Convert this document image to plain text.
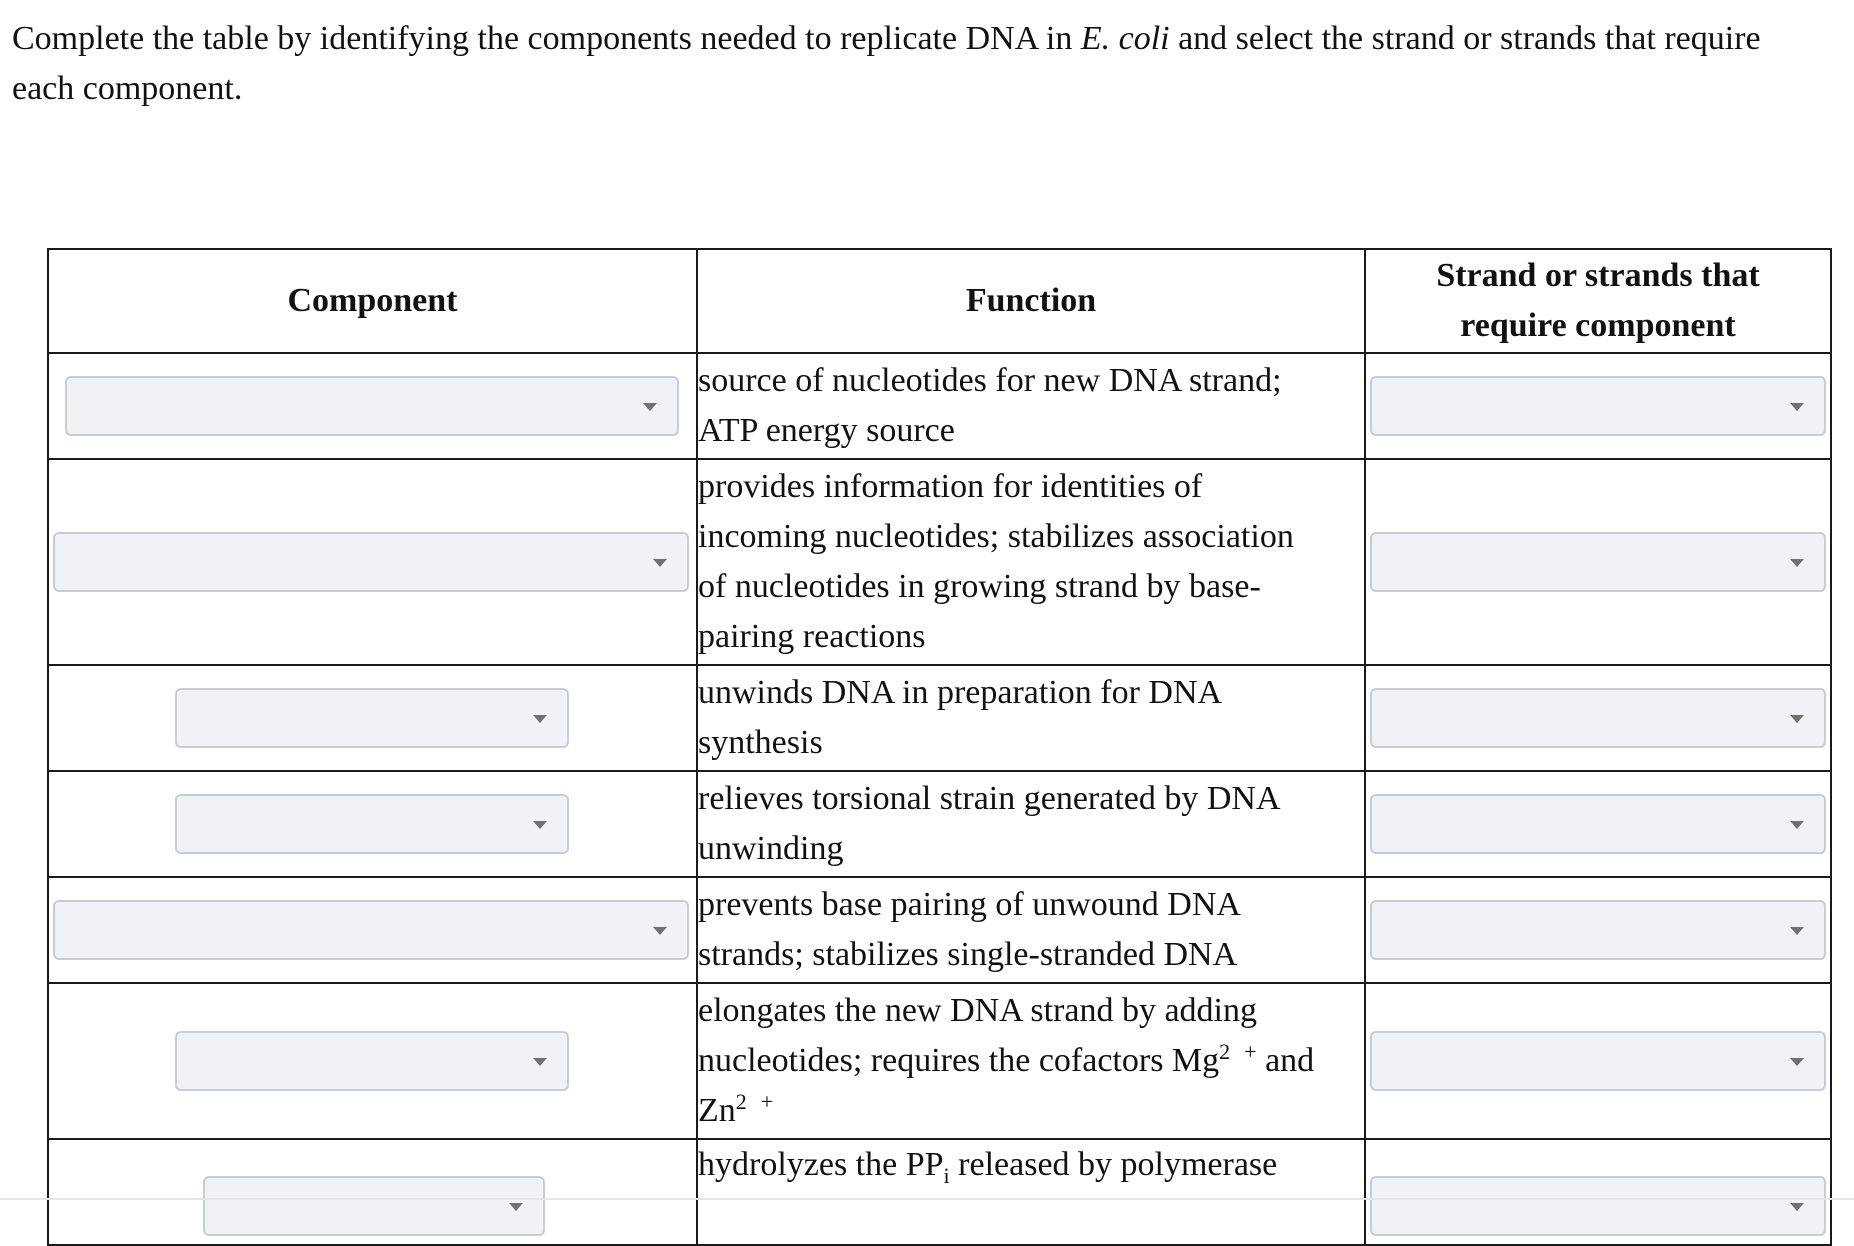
Complete the table by identifying the components needed to replicate DNA in E. coli and select the strand or strands that require
each component.
Component	Function	Strand or strands that
require component

	source of nucleotides for new DNA strand;
ATP energy source	

	provides information for identities of
incoming nucleotides; stabilizes association
of nucleotides in growing strand by base-
pairing reactions	

	unwinds DNA in preparation for DNA
synthesis	

	relieves torsional strain generated by DNA
unwinding	

	prevents base pairing of unwound DNA
strands; stabilizes single-stranded DNA	

	elongates the new DNA strand by adding
nucleotides; requires the cofactors $Mg^{2 +}$ and
$Zn^{2 +}$	

	hydrolyzes the $PP_i$ released by polymerase	
